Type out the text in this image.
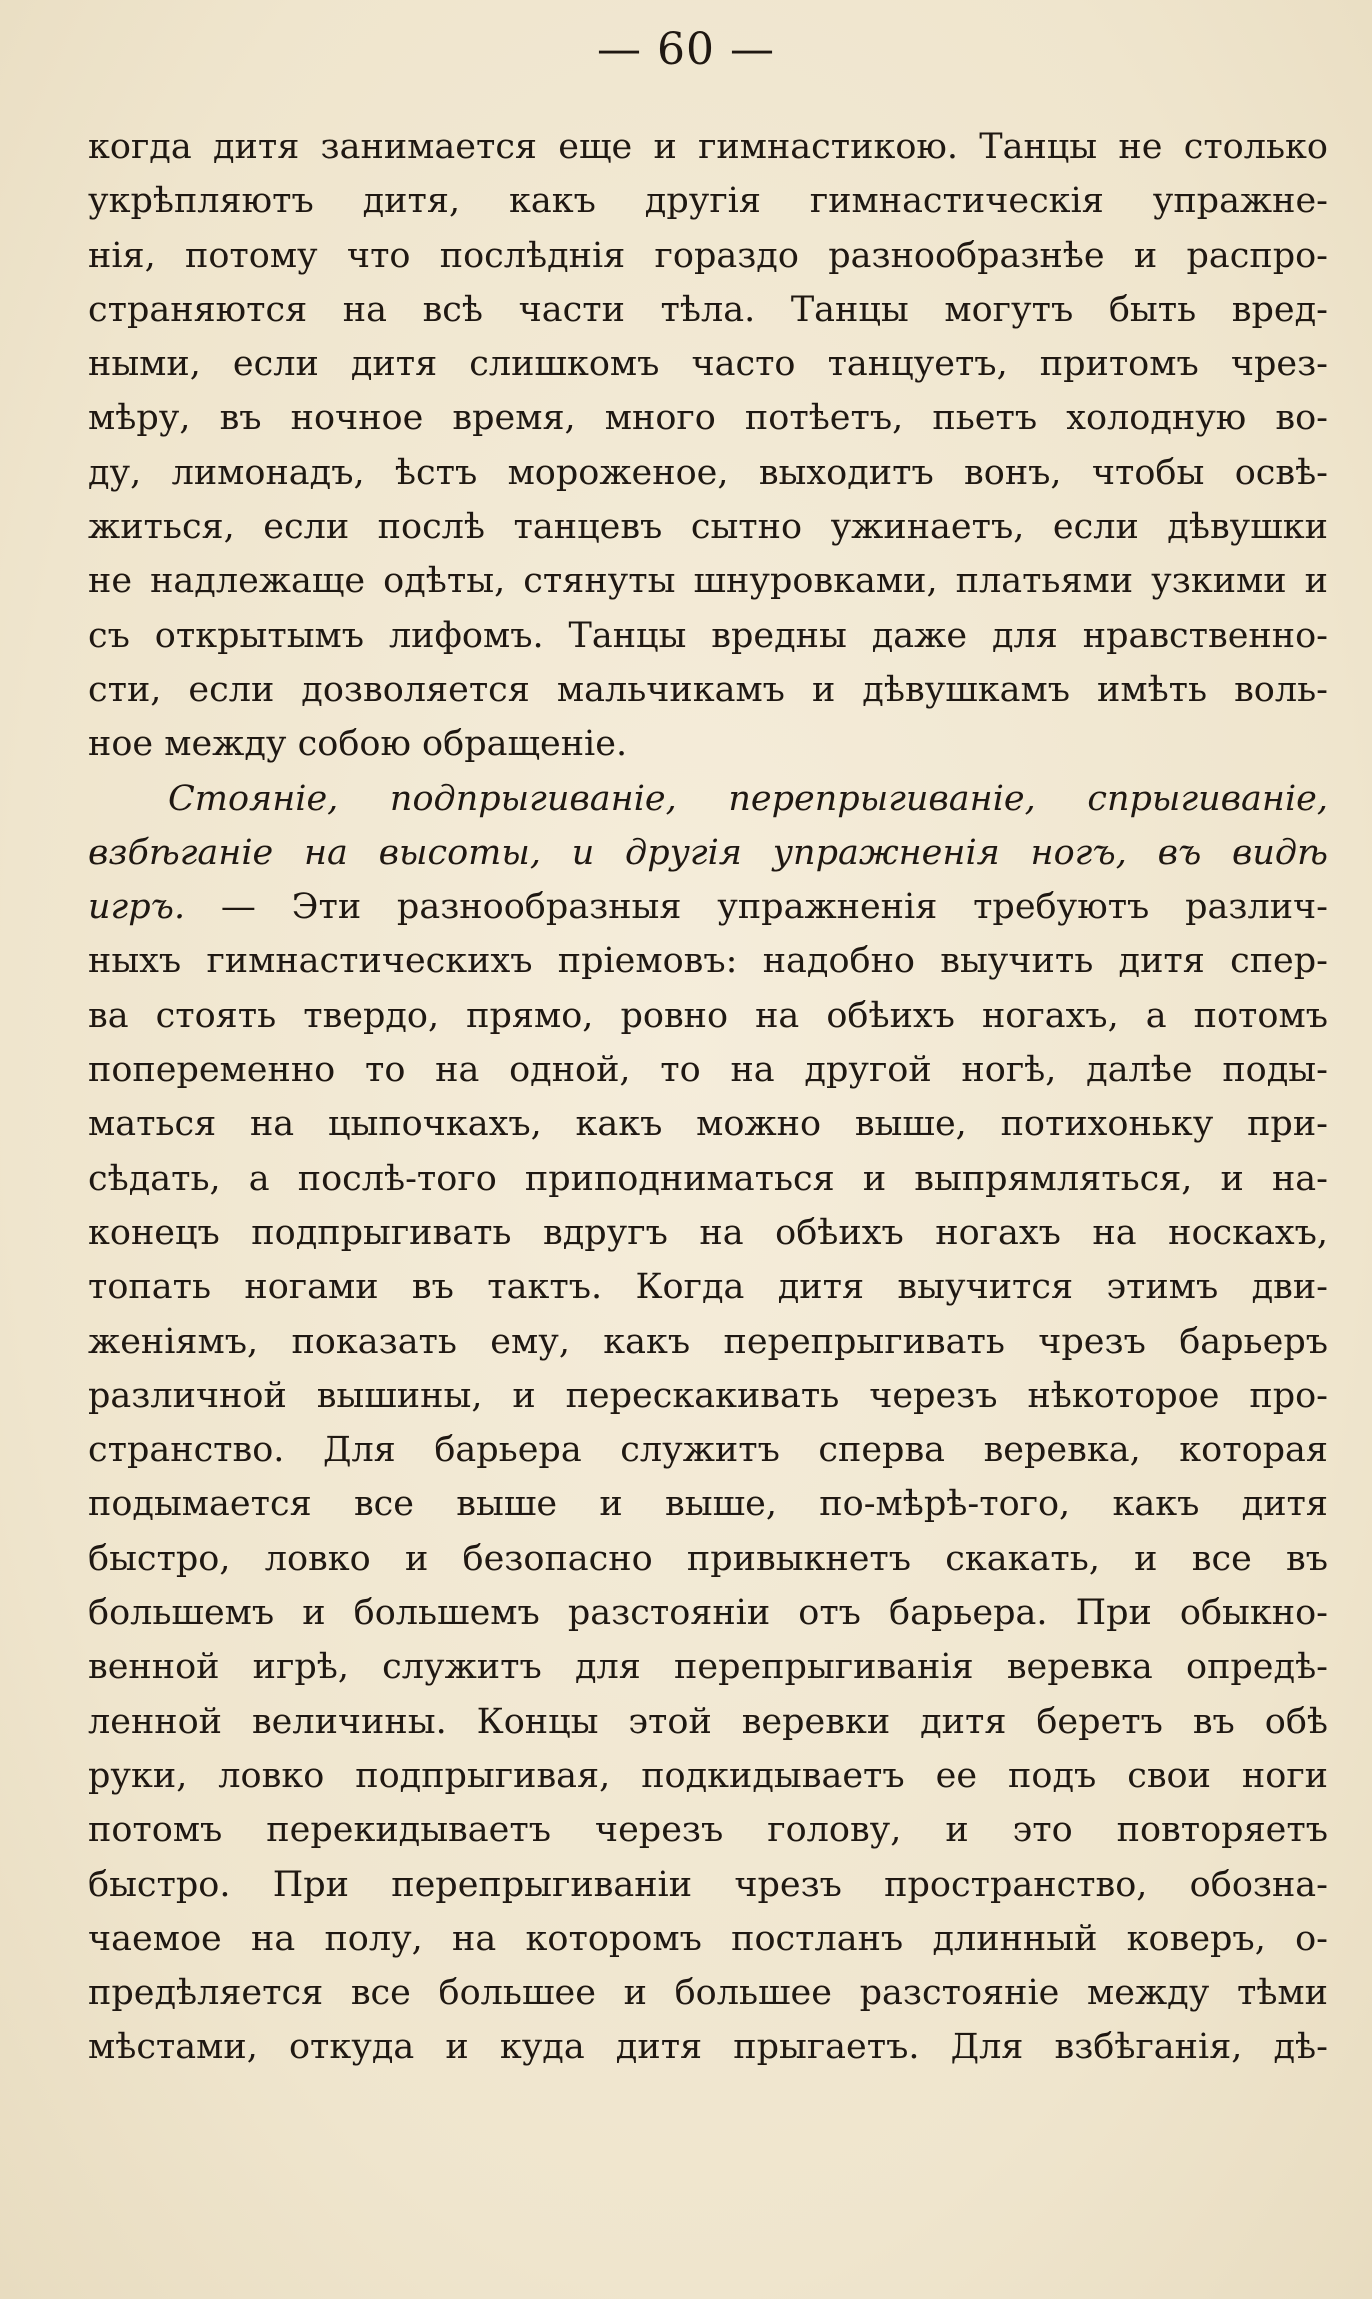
— 60 —
когда дитя занимается еще и гимнастикою. Танцы не столько
укрѣпляютъ дитя, какъ другія гимнастическія упражне-
нія, потому что послѣднія гораздо разнообразнѣе и распро-
страняются на всѣ части тѣла. Танцы могутъ быть вред-
ными, если дитя слишкомъ часто танцуетъ, притомъ чрез-
мѣру, въ ночное время, много потѣетъ, пьетъ холодную во-
ду, лимонадъ, ѣстъ мороженое, выходитъ вонъ, чтобы освѣ-
житься, если послѣ танцевъ сытно ужинаетъ, если дѣвушки
не надлежаще одѣты, стянуты шнуровками, платьями узкими и
съ открытымъ лифомъ. Танцы вредны даже для нравственно-
сти, если дозволяется мальчикамъ и дѣвушкамъ имѣть воль-
ное между собою обращеніе.
Стояніе, подпрыгиваніе, перепрыгиваніе, спрыгиваніе,
взбѣганіе на высоты, и другія упражненія ногъ, въ видѣ
игръ. — Эти разнообразныя упражненія требуютъ различ-
ныхъ гимнастическихъ пріемовъ: надобно выучить дитя спер-
ва стоять твердо, прямо, ровно на обѣихъ ногахъ, а потомъ
попеременно то на одной, то на другой ногѣ, далѣе поды-
маться на цыпочкахъ, какъ можно выше, потихоньку при-
сѣдать, а послѣ-того приподниматься и выпрямляться, и на-
конецъ подпрыгивать вдругъ на обѣихъ ногахъ на носкахъ,
топать ногами въ тактъ. Когда дитя выучится этимъ дви-
женіямъ, показать ему, какъ перепрыгивать чрезъ барьеръ
различной вышины, и перескакивать черезъ нѣкоторое про-
странство. Для барьера служитъ сперва веревка, которая
подымается все выше и выше, по-мѣрѣ-того, какъ дитя
быстро, ловко и безопасно привыкнетъ скакать, и все въ
большемъ и большемъ разстояніи отъ барьера. При обыкно-
венной игрѣ, служитъ для перепрыгиванія веревка опредѣ-
ленной величины. Концы этой веревки дитя беретъ въ обѣ
руки, ловко подпрыгивая, подкидываетъ ее подъ свои ноги
потомъ перекидываетъ черезъ голову, и это повторяетъ
быстро. При перепрыгиваніи чрезъ пространство, обозна-
чаемое на полу, на которомъ постланъ длинный коверъ, о-
предѣляется все большее и большее разстояніе между тѣми
мѣстами, откуда и куда дитя прыгаетъ. Для взбѣганія, дѣ-
